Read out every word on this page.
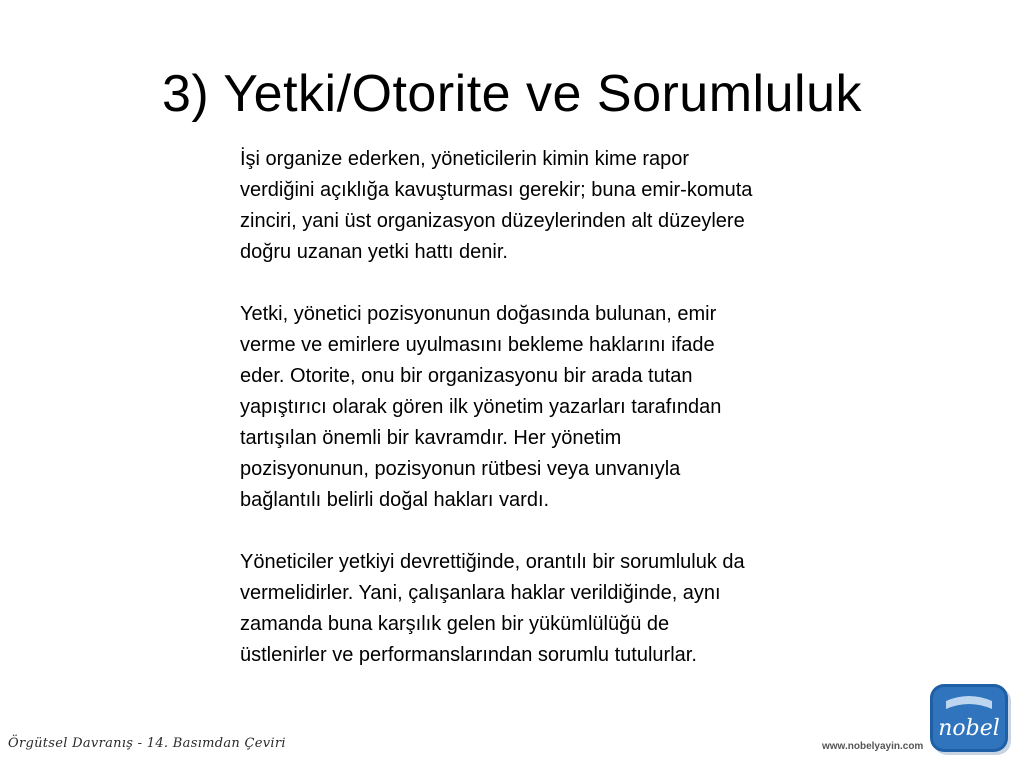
3) Yetki/Otorite ve Sorumluluk

İşi organize ederken, yöneticilerin kimin kime rapor
verdiğini açıklığa kavuşturması gerekir; buna emir-komuta
zinciri, yani üst organizasyon düzeylerinden alt düzeylere
doğru uzanan yetki hattı denir.

Yetki, yönetici pozisyonunun doğasında bulunan, emir
verme ve emirlere uyulmasını bekleme haklarını ifade
eder. Otorite, onu bir organizasyonu bir arada tutan
yapıştırıcı olarak gören ilk yönetim yazarları tarafından
tartışılan önemli bir kavramdır. Her yönetim
pozisyonunun, pozisyonun rütbesi veya unvanıyla
bağlantılı belirli doğal hakları vardı.

Yöneticiler yetkiyi devrettiğinde, orantılı bir sorumluluk da
vermelidirler. Yani, çalışanlara haklar verildiğinde, aynı
zamanda buna karşılık gelen bir yükümlülüğü de
üstlenirler ve performanslarından sorumlu tutulurlar.

Örgütsel Davranış - 14. Basımdan Çeviri	www.nobelyayin.com
nobel
